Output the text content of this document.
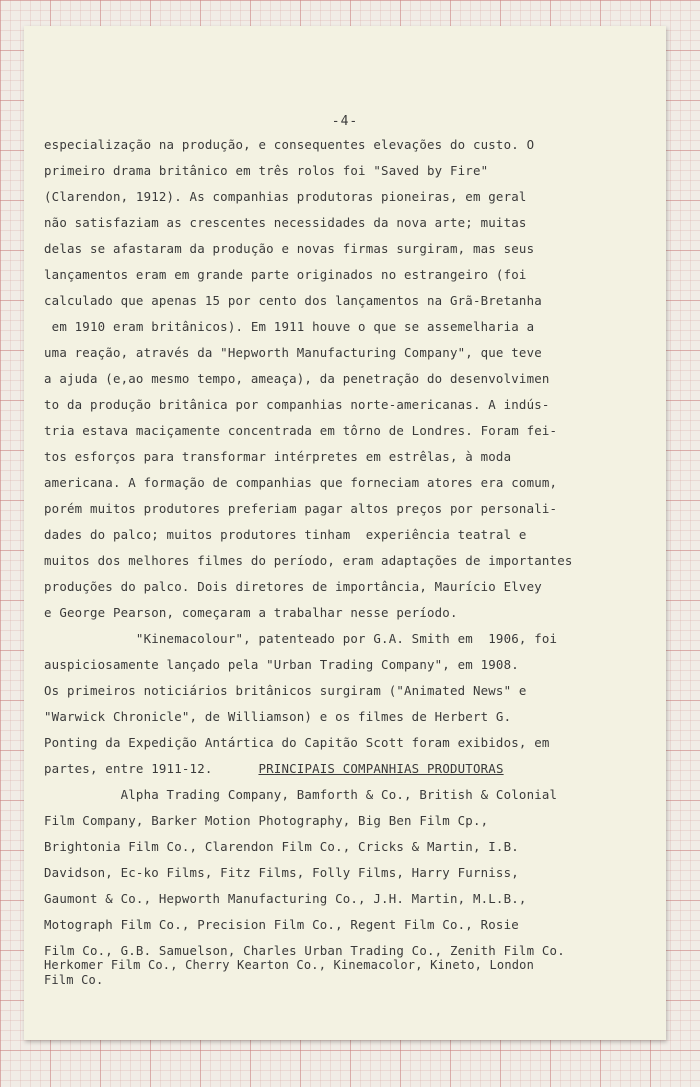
-4-
especialização na produção, e consequentes elevações do custo. O
primeiro drama britânico em três rolos foi "Saved by Fire"
(Clarendon, 1912). As companhias produtoras pioneiras, em geral
não satisfaziam as crescentes necessidades da nova arte; muitas
delas se afastaram da produção e novas firmas surgiram, mas seus
lançamentos eram em grande parte originados no estrangeiro (foi
calculado que apenas 15 por cento dos lançamentos na Grã-Bretanha
em 1910 eram britânicos). Em 1911 houve o que se assemelharia a
uma reação, através da "Hepworth Manufacturing Company", que teve
a ajuda (e,ao mesmo tempo, ameaça), da penetração do desenvolvimen
to da produção britânica por companhias norte-americanas. A indús-
tria estava maciçamente concentrada em tôrno de Londres. Foram fei-
tos esforços para transformar intérpretes em estrêlas, à moda
americana. A formação de companhias que forneciam atores era comum,
porém muitos produtores preferiam pagar altos preços por personali-
dades do palco; muitos produtores tinham  experiência teatral e
muitos dos melhores filmes do período, eram adaptações de importantes
produções do palco. Dois diretores de importância, Maurício Elvey
e George Pearson, começaram a trabalhar nesse período.
"Kinemacolour", patenteado por G.A. Smith em  1906, foi
auspiciosamente lançado pela "Urban Trading Company", em 1908.
Os primeiros noticiários britânicos surgiram ("Animated News" e
"Warwick Chronicle", de Williamson) e os filmes de Herbert G.
Ponting da Expedição Antártica do Capitão Scott foram exibidos, em
partes, entre 1911-12.	PRINCIPAIS COMPANHIAS PRODUTORAS
Alpha Trading Company, Bamforth & Co., British & Colonial
Film Company, Barker Motion Photography, Big Ben Film Cp.,
Brightonia Film Co., Clarendon Film Co., Cricks & Martin, I.B.
Davidson, Ec-ko Films, Fitz Films, Folly Films, Harry Furniss,
Gaumont & Co., Hepworth Manufacturing Co., J.H. Martin, M.L.B.,
Motograph Film Co., Precision Film Co., Regent Film Co., Rosie
Film Co., G.B. Samuelson, Charles Urban Trading Co., Zenith Film Co.
Herkomer Film Co., Cherry Kearton Co., Kinemacolor, Kineto, London
Film Co.
